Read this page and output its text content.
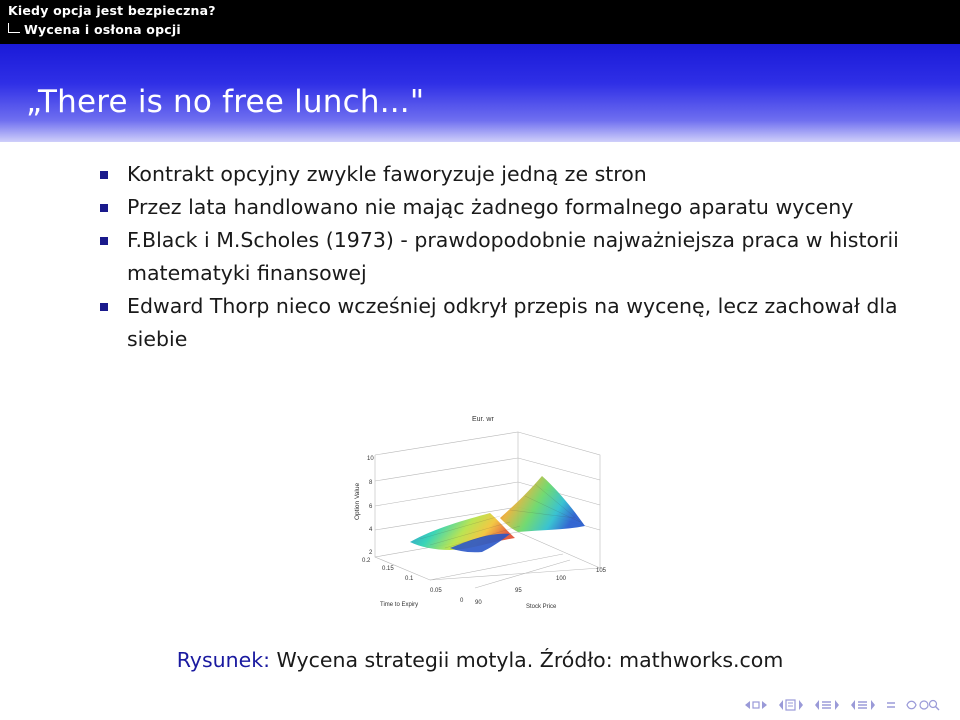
Kiedy opcja jest bezpieczna?
Wycena i osłona opcji
„There is no free lunch..."
Kontrakt opcyjny zwykle faworyzuje jedną ze stron
Przez lata handlowano nie mając żadnego formalnego aparatu wyceny
F.Black i M.Scholes (1973) - prawdopodobnie najważniejsza praca w historii matematyki finansowej
Edward Thorp nieco wcześniej odkrył przepis na wycenę, lecz zachował dla siebie
Eur. wr
Option Value
10
8
6
4
2
0.2
0.15
0.1
0.05
0
Time to Expiry	90
95
100
105
Stock Price
Rysunek: Wycena strategii motyla. Źródło: mathworks.com
